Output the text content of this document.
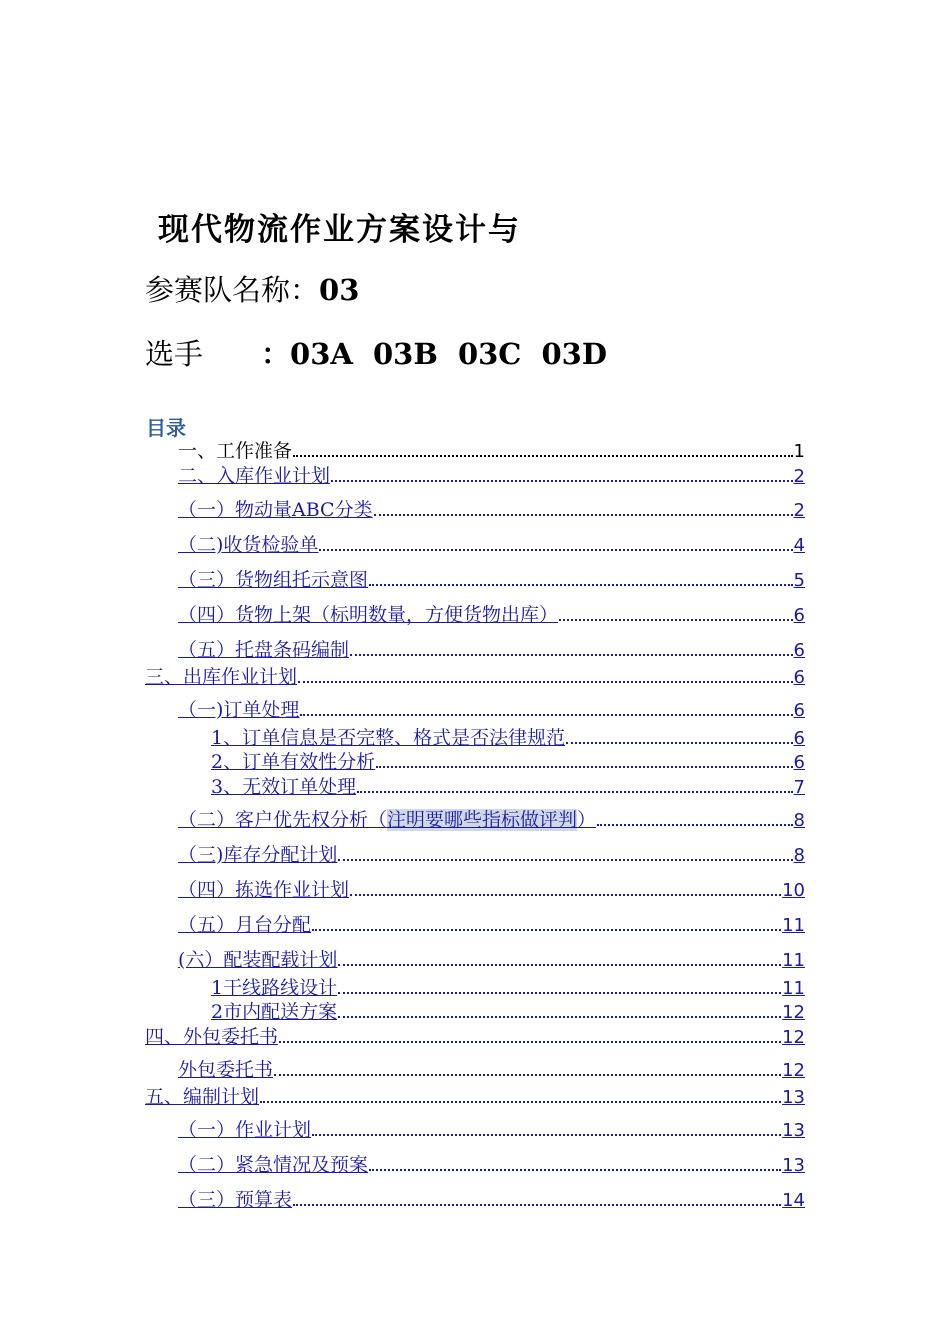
现代物流作业方案设计与
参赛队名称：03
选手 ：03A 03B 03C 03D
目录
一、工作准备	1
二、入库作业计划	2
（一）物动量ABC分类	2
（二)收货检验单	4
（三）货物组托示意图	5
（四）货物上架（标明数量，方便货物出库）	6
（五）托盘条码编制	6
三、出库作业计划	6
（一)订单处理	6
1、订单信息是否完整、格式是否法律规范	6
2、订单有效性分析	6
3、无效订单处理	7
（二）客户优先权分析（注明要哪些指标做评判）	8
（三)库存分配计划	8
（四）拣选作业计划	10
（五）月台分配	11
(六）配装配载计划	11
1干线路线设计	11
2市内配送方案	12
四、外包委托书	12
外包委托书	12
五、编制计划	13
（一）作业计划	13
（二）紧急情况及预案	13
（三）预算表	14
